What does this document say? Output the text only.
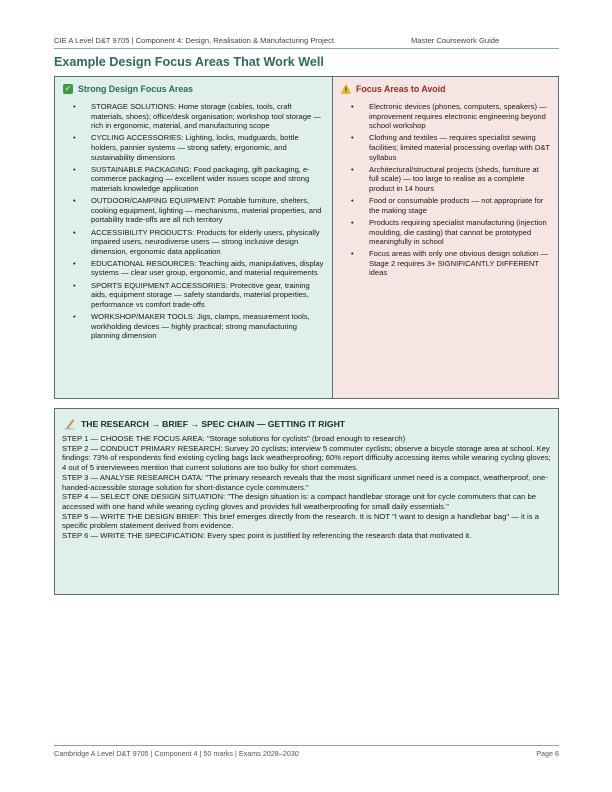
CIE A Level D&T 9705 | Component 4: Design, Realisation & Manufacturing Project	Master Coursework Guide
Example Design Focus Areas That Work Well
✓ Strong Design Focus Areas
• STORAGE SOLUTIONS: Home storage (cables, tools, craft materials, shoes); office/desk organisation; workshop tool storage — rich in ergonomic, material, and manufacturing scope
• CYCLING ACCESSORIES: Lighting, locks, mudguards, bottle holders, pannier systems — strong safety, ergonomic, and sustainability dimensions
• SUSTAINABLE PACKAGING: Food packaging, gift packaging, e-commerce packaging — excellent wider issues scope and strong materials knowledge application
• OUTDOOR/CAMPING EQUIPMENT: Portable furniture, shelters, cooking equipment, lighting — mechanisms, material properties, and portability trade-offs are all rich territory
• ACCESSIBILITY PRODUCTS: Products for elderly users, physically impaired users, neurodiverse users — strong inclusive design dimension, ergonomic data application
• EDUCATIONAL RESOURCES: Teaching aids, manipulatives, display systems — clear user group, ergonomic, and material requirements
• SPORTS EQUIPMENT ACCESSORIES: Protective gear, training aids, equipment storage — safety standards, material properties, performance vs comfort trade-offs
• WORKSHOP/MAKER TOOLS: Jigs, clamps, measurement tools, workholding devices — highly practical; strong manufacturing planning dimension
Focus Areas to Avoid
• Electronic devices (phones, computers, speakers) — improvement requires electronic engineering beyond school workshop
• Clothing and textiles — requires specialist sewing facilities; limited material processing overlap with D&T syllabus
• Architectural/structural projects (sheds, furniture at full scale) — too large to realise as a complete product in 14 hours
• Food or consumable products — not appropriate for the making stage
• Products requiring specialist manufacturing (injection moulding, die casting) that cannot be prototyped meaningfully in school
• Focus areas with only one obvious design solution — Stage 2 requires 3+ SIGNIFICANTLY DIFFERENT ideas
THE RESEARCH → BRIEF → SPEC CHAIN — GETTING IT RIGHT

STEP 1 — CHOOSE THE FOCUS AREA: "Storage solutions for cyclists" (broad enough to research)

STEP 2 — CONDUCT PRIMARY RESEARCH: Survey 20 cyclists; interview 5 commuter cyclists; observe a bicycle storage area at school. Key findings: 73% of respondents find existing cycling bags lack weatherproofing; 60% report difficulty accessing items while wearing cycling gloves; 4 out of 5 interviewees mention that current solutions are too bulky for short commutes.

STEP 3 — ANALYSE RESEARCH DATA: "The primary research reveals that the most significant unmet need is a compact, weatherproof, one-handed-accessible storage solution for short-distance cycle commuters."

STEP 4 — SELECT ONE DESIGN SITUATION: "The design situation is: a compact handlebar storage unit for cycle commuters that can be accessed with one hand while wearing cycling gloves and provides full weatherproofing for small daily essentials."

STEP 5 — WRITE THE DESIGN BRIEF: This brief emerges directly from the research. It is NOT "I want to design a handlebar bag" — it is a specific problem statement derived from evidence.

STEP 6 — WRITE THE SPECIFICATION: Every spec point is justified by referencing the research data that motivated it.

Cambridge A Level D&T 9705 | Component 4 | 50 marks | Exams 2028–2030	Page 6
